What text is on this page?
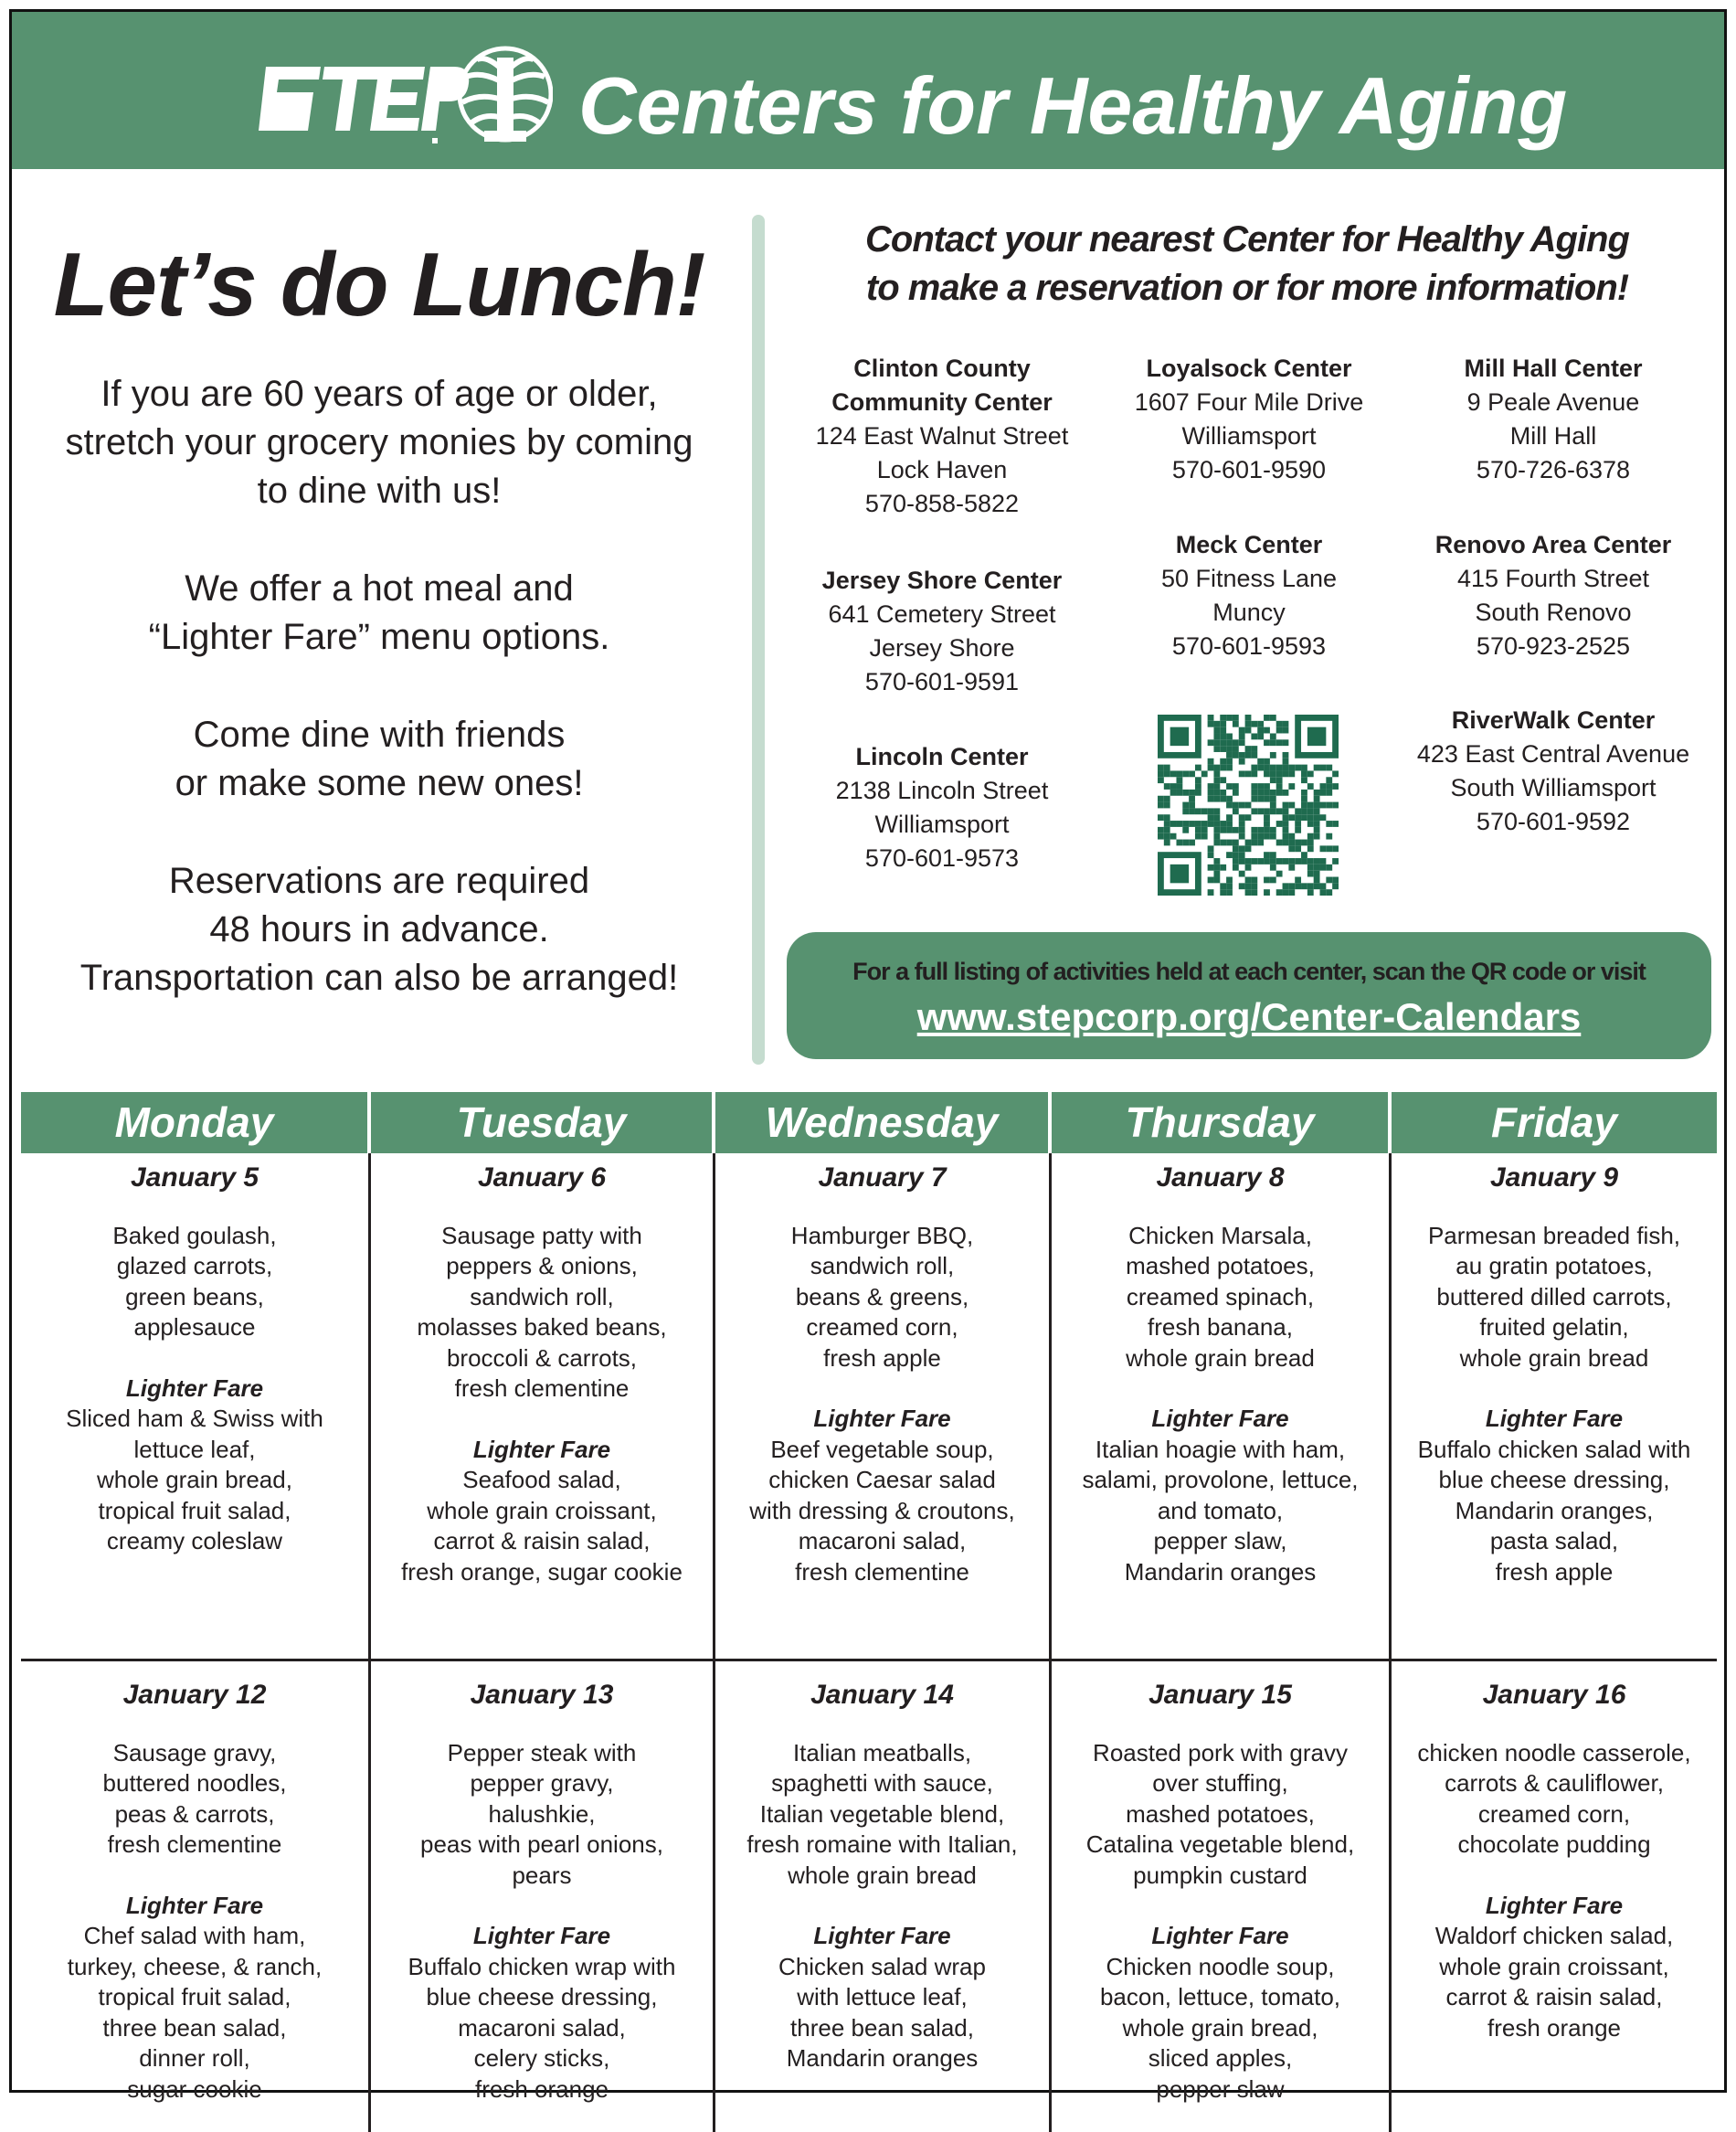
Centers for Healthy Aging
Let’s do Lunch!
If you are 60 years of age or older,
stretch your grocery monies by coming
to dine with us!
We offer a hot meal and
“Lighter Fare” menu options.
Come dine with friends
or make some new ones!
Reservations are required
48 hours in advance.
Transportation can also be arranged!
Contact your nearest Center for Healthy Aging
to make a reservation or for more information!
Clinton County
Community Center
124 East Walnut Street
Lock Haven
570-858-5822
Jersey Shore Center
641 Cemetery Street
Jersey Shore
570-601-9591
Lincoln Center
2138 Lincoln Street
Williamsport
570-601-9573
Loyalsock Center
1607 Four Mile Drive
Williamsport
570-601-9590
Meck Center
50 Fitness Lane
Muncy
570-601-9593
Mill Hall Center
9 Peale Avenue
Mill Hall
570-726-6378
Renovo Area Center
415 Fourth Street
South Renovo
570-923-2525
RiverWalk Center
423 East Central Avenue
South Williamsport
570-601-9592
For a full listing of activities held at each center, scan the QR code or visit
www.stepcorp.org/Center-Calendars
Monday	Tuesday	Wednesday	Thursday	Friday
January 5
Baked goulash,
glazed carrots,
green beans,
applesauce
Lighter Fare
Sliced ham & Swiss with
lettuce leaf,
whole grain bread,
tropical fruit salad,
creamy coleslaw
January 6
Sausage patty with
peppers & onions,
sandwich roll,
molasses baked beans,
broccoli & carrots,
fresh clementine
Lighter Fare
Seafood salad,
whole grain croissant,
carrot & raisin salad,
fresh orange, sugar cookie
January 7
Hamburger BBQ,
sandwich roll,
beans & greens,
creamed corn,
fresh apple
Lighter Fare
Beef vegetable soup,
chicken Caesar salad
with dressing & croutons,
macaroni salad,
fresh clementine
January 8
Chicken Marsala,
mashed potatoes,
creamed spinach,
fresh banana,
whole grain bread
Lighter Fare
Italian hoagie with ham,
salami, provolone, lettuce,
and tomato,
pepper slaw,
Mandarin oranges
January 9
Parmesan breaded fish,
au gratin potatoes,
buttered dilled carrots,
fruited gelatin,
whole grain bread
Lighter Fare
Buffalo chicken salad with
blue cheese dressing,
Mandarin oranges,
pasta salad,
fresh apple
January 12
Sausage gravy,
buttered noodles,
peas & carrots,
fresh clementine
Lighter Fare
Chef salad with ham,
turkey, cheese, & ranch,
tropical fruit salad,
three bean salad,
dinner roll,
sugar cookie
January 13
Pepper steak with
pepper gravy,
halushkie,
peas with pearl onions,
pears
Lighter Fare
Buffalo chicken wrap with
blue cheese dressing,
macaroni salad,
celery sticks,
fresh orange
January 14
Italian meatballs,
spaghetti with sauce,
Italian vegetable blend,
fresh romaine with Italian,
whole grain bread
Lighter Fare
Chicken salad wrap
with lettuce leaf,
three bean salad,
Mandarin oranges
January 15
Roasted pork with gravy
over stuffing,
mashed potatoes,
Catalina vegetable blend,
pumpkin custard
Lighter Fare
Chicken noodle soup,
bacon, lettuce, tomato,
whole grain bread,
sliced apples,
pepper slaw
January 16
chicken noodle casserole,
carrots & cauliflower,
creamed corn,
chocolate pudding
Lighter Fare
Waldorf chicken salad,
whole grain croissant,
carrot & raisin salad,
fresh orange
